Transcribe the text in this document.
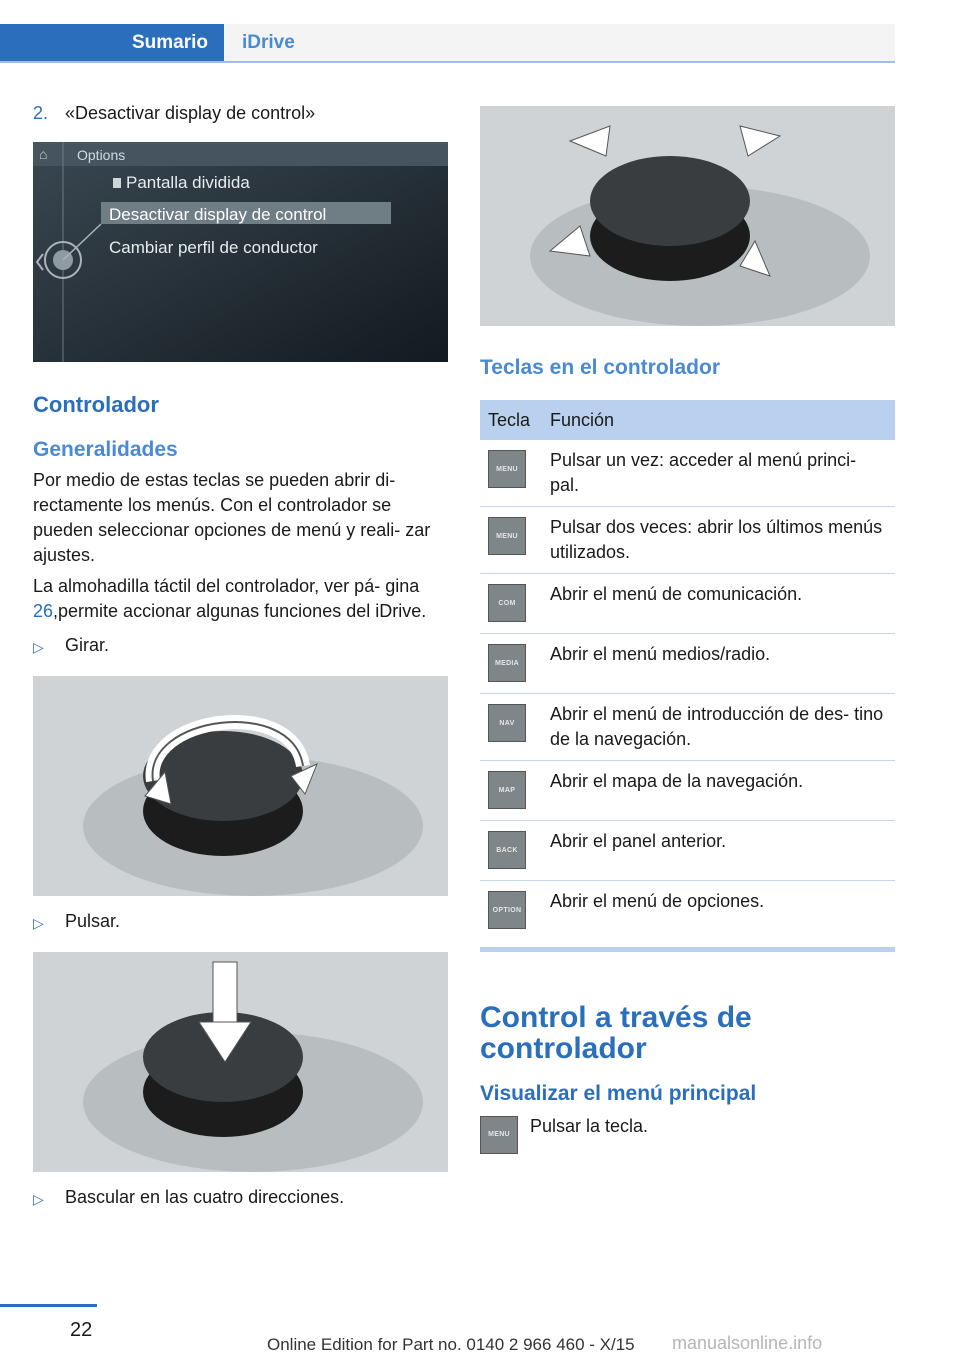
Sumario	iDrive
2. «Desactivar display de control»
⌂ Options
Pantalla dividida
Desactivar display de control
Cambiar perfil de conductor
Controlador
Generalidades
Por medio de estas teclas se pueden abrir di‐ rectamente los menús. Con el controlador se pueden seleccionar opciones de menú y reali‐ zar ajustes.
La almohadilla táctil del controlador, ver pá‐ gina 26,permite accionar algunas funciones del iDrive.
▷	Girar.
▷	Pulsar.
▷	Bascular en las cuatro direcciones.
Teclas en el controlador
Tecla	Función

MENU	Pulsar un vez: acceder al menú princi‐ pal.

MENU	Pulsar dos veces: abrir los últimos menús utilizados.

COM	Abrir el menú de comunicación.

MEDIA	Abrir el menú medios/radio.

NAV	Abrir el menú de introducción de des‐ tino de la navegación.

MAP	Abrir el mapa de la navegación.

BACK	Abrir el panel anterior.

OPTION	Abrir el menú de opciones.
Control a través de controlador
Visualizar el menú principal
MENU	Pulsar la tecla.
22
Online Edition for Part no. 0140 2 966 460 - X/15 manualsonline.info
